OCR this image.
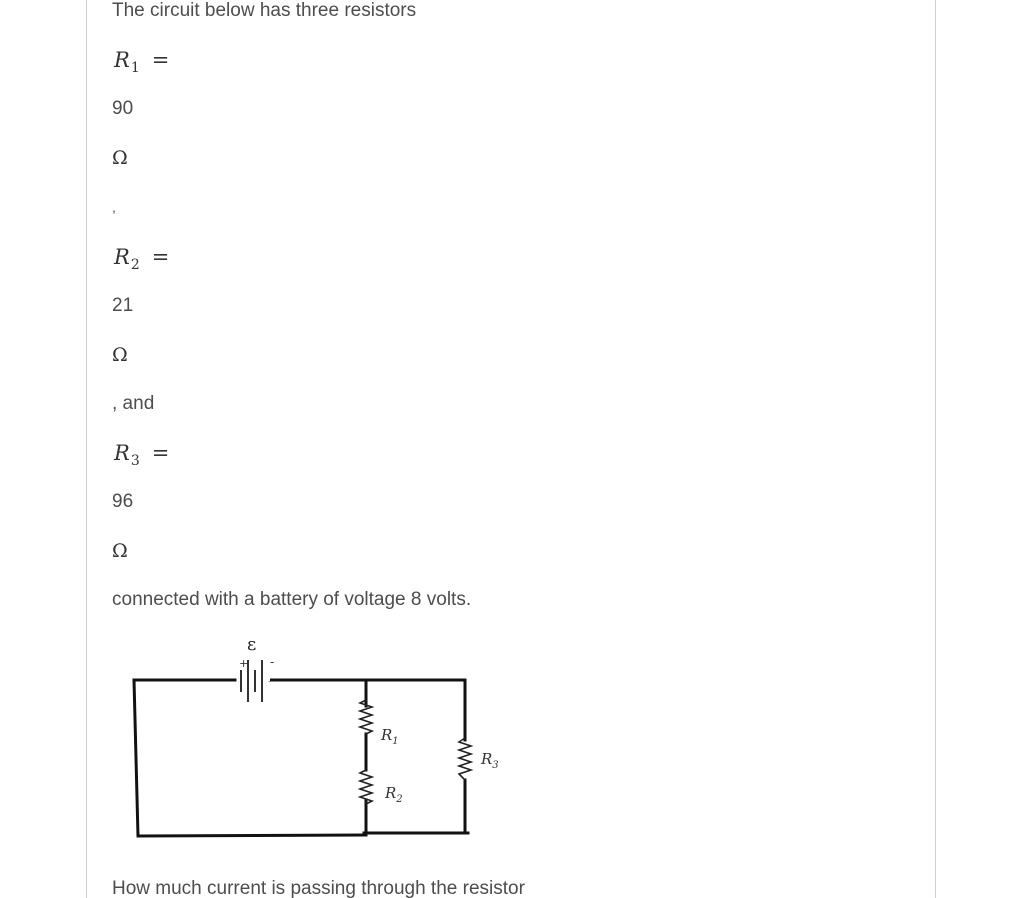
The circuit below has three resistors
$R_1$ =
90
Ω
,
$R_2$ =
21
Ω
, and
$R_3$ =
96
Ω
connected with a battery of voltage 8 volts.
+ -
ε
$R_1$
$R_2$
$R_3$
How much current is passing through the resistor
